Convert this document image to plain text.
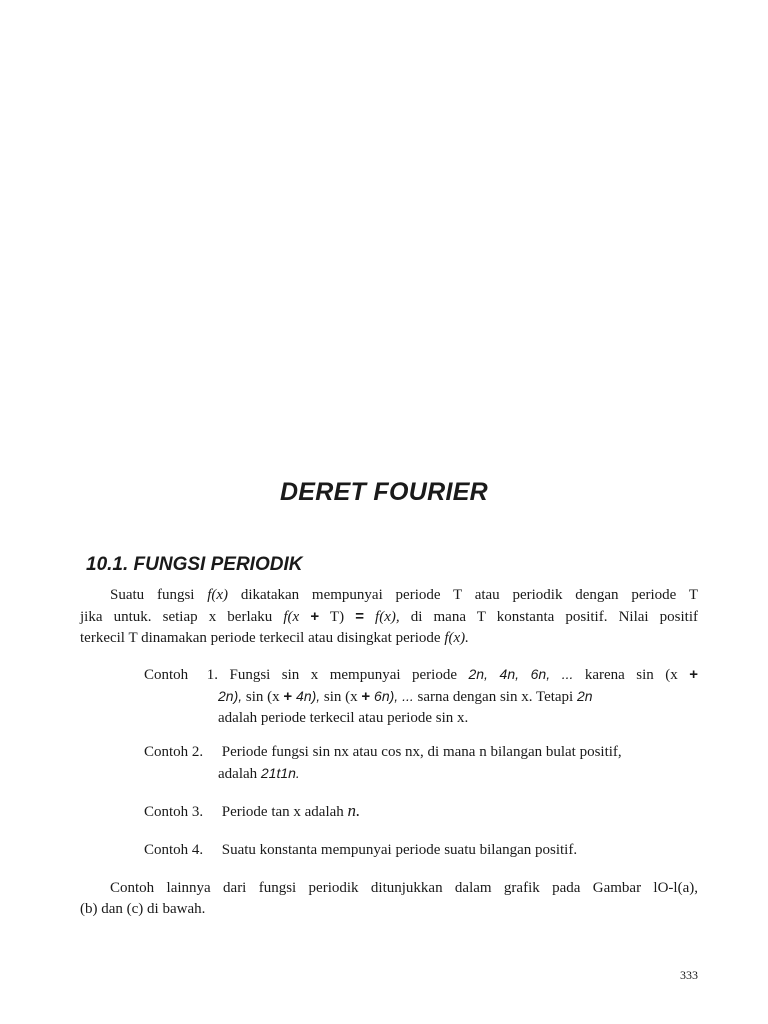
DERET FOURIER
10.1. FUNGSI PERIODIK
Suatu fungsi f(x) dikatakan mempunyai periode T atau periodik dengan periode T
jika untuk. setiap x berlaku f(x + T) = f(x), di mana T konstanta positif. Nilai positif
terkecil T dinamakan periode terkecil atau disingkat periode f(x).
Contoh 1. Fungsi sin x mempunyai periode 2n, 4n, 6n, ... karena sin (x +
2n), sin (x + 4n), sin (x + 6n), ... sarna dengan sin x. Tetapi 2n
adalah periode terkecil atau periode sin x.
Contoh 2. Periode fungsi sin nx atau cos nx, di mana n bilangan bulat positif,
adalah 21t1n.
Contoh 3. Periode tan x adalah n.
Contoh 4. Suatu konstanta mempunyai periode suatu bilangan positif.
Contoh lainnya dari fungsi periodik ditunjukkan dalam grafik pada Gambar lO-l(a),
(b) dan (c) di bawah.
333
